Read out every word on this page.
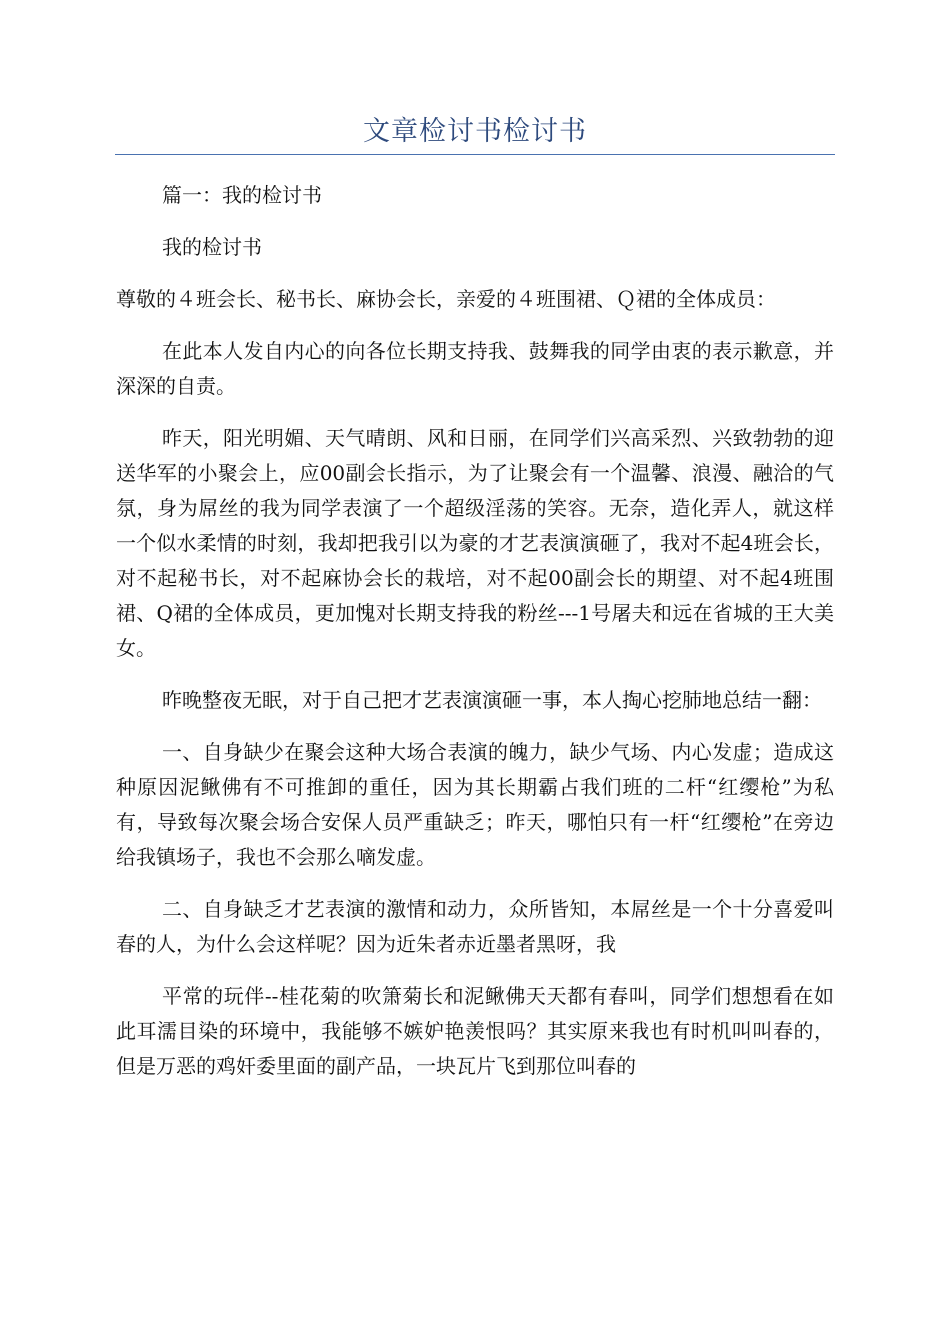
文章检讨书检讨书

篇一：我的检讨书

我的检讨书

尊敬的４班会长、秘书长、麻协会长，亲爱的４班围裙、Ｑ裙的全体成员：

在此本人发自内心的向各位长期支持我、鼓舞我的同学由衷的表示歉意，并深深的自责。

昨天，阳光明媚、天气晴朗、风和日丽，在同学们兴高采烈、兴致勃勃的迎送华军的小聚会上，应00副会长指示，为了让聚会有一个温馨、浪漫、融洽的气氛，身为屌丝的我为同学表演了一个超级淫荡的笑容。无奈，造化弄人，就这样一个似水柔情的时刻，我却把我引以为豪的才艺表演演砸了，我对不起4班会长，对不起秘书长，对不起麻协会长的栽培，对不起00副会长的期望、对不起4班围裙、Q裙的全体成员，更加愧对长期支持我的粉丝---1号屠夫和远在省城的王大美女。

昨晚整夜无眠，对于自己把才艺表演演砸一事，本人掏心挖肺地总结一翻：

一、自身缺少在聚会这种大场合表演的魄力，缺少气场、内心发虚；造成这种原因泥鳅佛有不可推卸的重任，因为其长期霸占我们班的二杆“红缨枪”为私有，导致每次聚会场合安保人员严重缺乏；昨天，哪怕只有一杆“红缨枪”在旁边给我镇场子，我也不会那么嘀发虚。

二、自身缺乏才艺表演的激情和动力，众所皆知，本屌丝是一个十分喜爱叫春的人，为什么会这样呢？因为近朱者赤近墨者黑呀，我

平常的玩伴--桂花菊的吹箫菊长和泥鳅佛天天都有春叫，同学们想想看在如此耳濡目染的环境中，我能够不嫉妒艳羡恨吗？其实原来我也有时机叫叫春的，但是万恶的鸡奸委里面的副产品，一块瓦片飞到那位叫春的
